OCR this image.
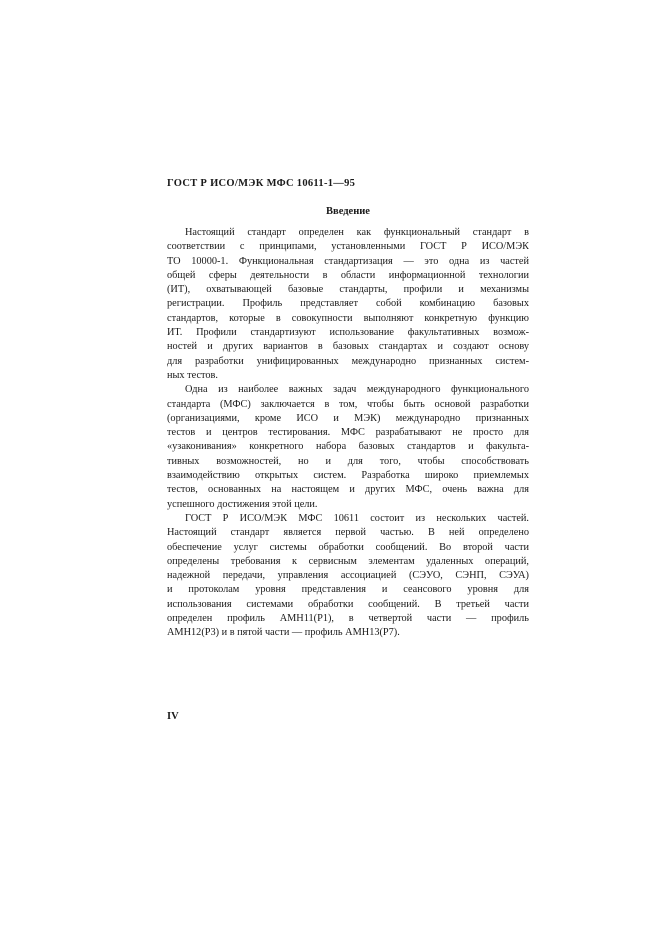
ГОСТ Р ИСО/МЭК МФС 10611-1—95
Введение
Настоящий стандарт определен как функциональный стандарт в
соответствии с принципами, установленными ГОСТ Р ИСО/МЭК
ТО 10000-1. Функциональная стандартизация — это одна из частей
общей сферы деятельности в области информационной технологии
(ИТ), охватывающей базовые стандарты, профили и механизмы
регистрации. Профиль представляет собой комбинацию базовых
стандартов, которые в совокупности выполняют конкретную функцию
ИТ. Профили стандартизуют использование факультативных возмож-
ностей и других вариантов в базовых стандартах и создают основу
для разработки унифицированных международно признанных систем-
ных тестов.
Одна из наиболее важных задач международного функционального
стандарта (МФС) заключается в том, чтобы быть основой разработки
(организациями, кроме ИСО и МЭК) международно признанных
тестов и центров тестирования. МФС разрабатывают не просто для
«узаконивания» конкретного набора базовых стандартов и факульта-
тивных возможностей, но и для того, чтобы способствовать
взаимодействию открытых систем. Разработка широко приемлемых
тестов, основанных на настоящем и других МФС, очень важна для
успешного достижения этой цели.
ГОСТ Р ИСО/МЭК МФС 10611 состоит из нескольких частей.
Настоящий стандарт является первой частью. В ней определено
обеспечение услуг системы обработки сообщений. Во второй части
определены требования к сервисным элементам удаленных операций,
надежной передачи, управления ассоциацией (СЭУО, СЭНП, СЭУА)
и протоколам уровня представления и сеансового уровня для
использования системами обработки сообщений. В третьей части
определен профиль АМН11(Р1), в четвертой части — профиль
АМН12(Р3) и в пятой части — профиль АМН13(Р7).
IV
